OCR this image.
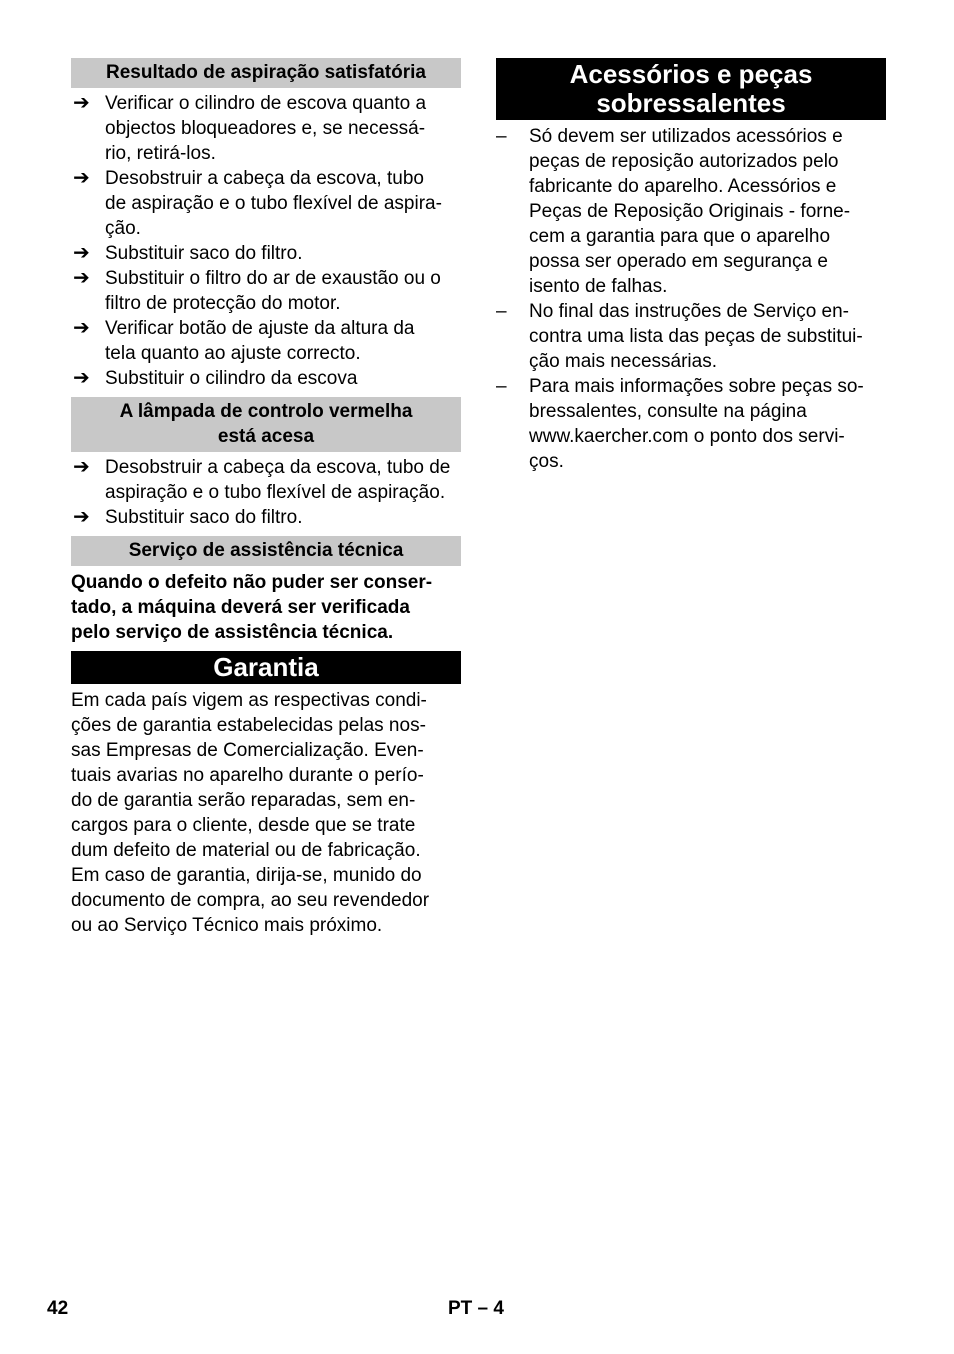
Resultado de aspiração satisfatória
➔ Verificar o cilindro de escova quanto a
objectos bloqueadores e, se necessá-
rio, retirá-los.
➔ Desobstruir a cabeça da escova, tubo
de aspiração e o tubo flexível de aspira-
ção.
➔ Substituir saco do filtro.
➔ Substituir o filtro do ar de exaustão ou o
filtro de protecção do motor.
➔ Verificar botão de ajuste da altura da
tela quanto ao ajuste correcto.
➔ Substituir o cilindro da escova
A lâmpada de controlo vermelha
está acesa
➔ Desobstruir a cabeça da escova, tubo de
aspiração e o tubo flexível de aspiração.
➔ Substituir saco do filtro.
Serviço de assistência técnica
Quando o defeito não puder ser conser-
tado, a máquina deverá ser verificada
pelo serviço de assistência técnica.
Garantia
Em cada país vigem as respectivas condi-
ções de garantia estabelecidas pelas nos-
sas Empresas de Comercialização. Even-
tuais avarias no aparelho durante o perío-
do de garantia serão reparadas, sem en-
cargos para o cliente, desde que se trate
dum defeito de material ou de fabricação.
Em caso de garantia, dirija-se, munido do
documento de compra, ao seu revendedor
ou ao Serviço Técnico mais próximo.
Acessórios e peças
sobressalentes
–	Só devem ser utilizados acessórios e
peças de reposição autorizados pelo
fabricante do aparelho. Acessórios e
Peças de Reposição Originais - forne-
cem a garantia para que o aparelho
possa ser operado em segurança e
isento de falhas.
–	No final das instruções de Serviço en-
contra uma lista das peças de substitui-
ção mais necessárias.
–	Para mais informações sobre peças so-
bressalentes, consulte na página
www.kaercher.com o ponto dos servi-
ços.
42	PT – 4
